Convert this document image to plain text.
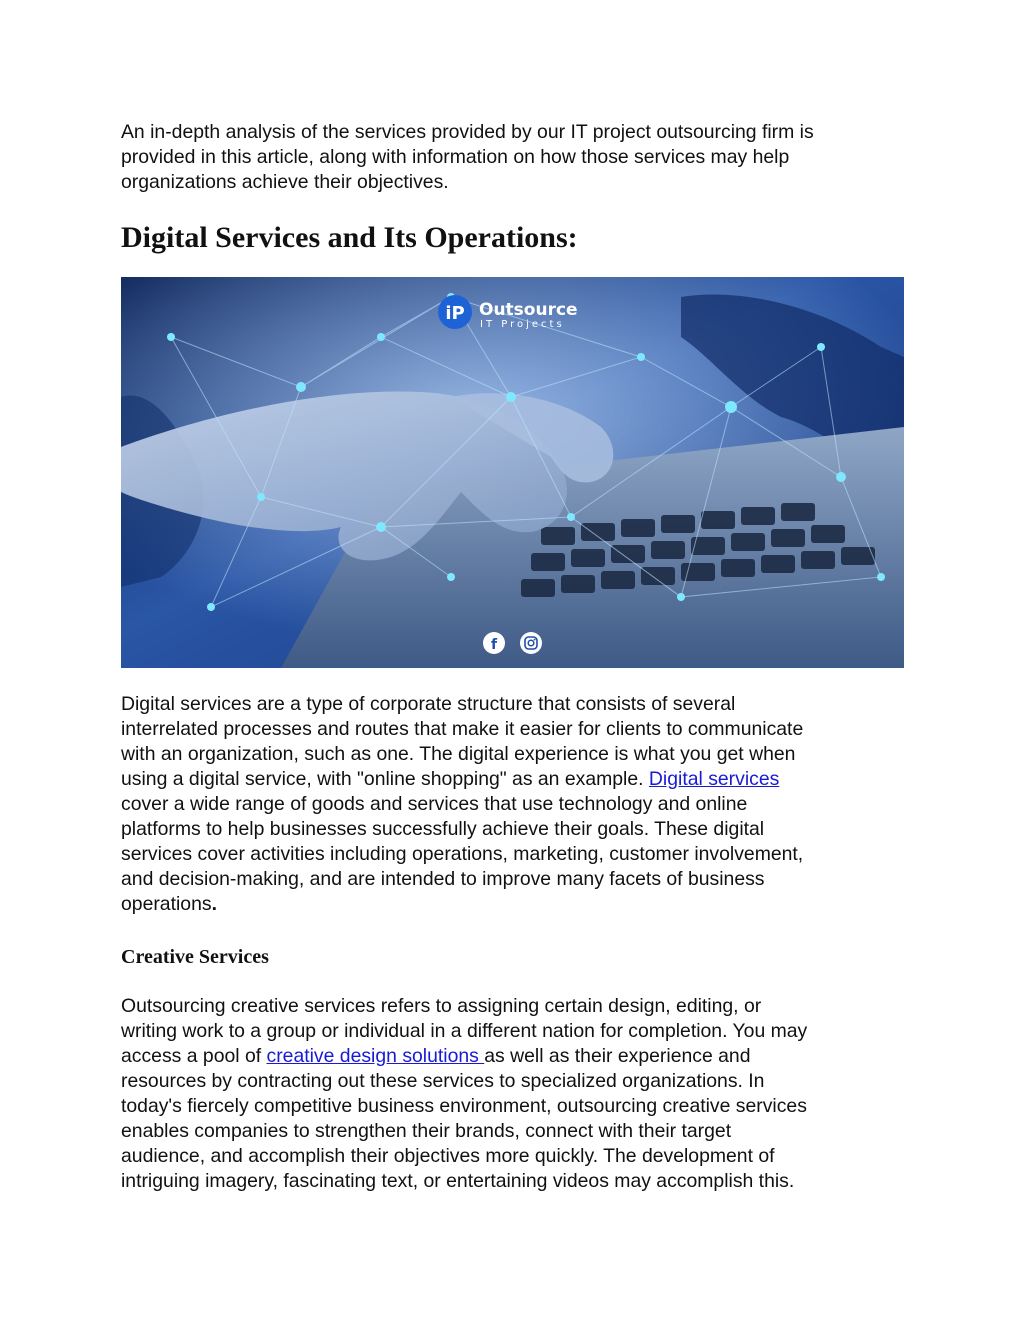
An in-depth analysis of the services provided by our IT project outsourcing firm is
provided in this article, along with information on how those services may help
organizations achieve their objectives.

Digital Services and Its Operations:
iP Outsource
IT Projects
f

Digital services are a type of corporate structure that consists of several
interrelated processes and routes that make it easier for clients to communicate
with an organization, such as one. The digital experience is what you get when
using a digital service, with "online shopping" as an example. Digital services
cover a wide range of goods and services that use technology and online
platforms to help businesses successfully achieve their goals. These digital
services cover activities including operations, marketing, customer involvement,
and decision-making, and are intended to improve many facets of business
operations.

Creative Services

Outsourcing creative services refers to assigning certain design, editing, or
writing work to a group or individual in a different nation for completion. You may
access a pool of creative design solutions as well as their experience and
resources by contracting out these services to specialized organizations. In
today's fiercely competitive business environment, outsourcing creative services
enables companies to strengthen their brands, connect with their target
audience, and accomplish their objectives more quickly. The development of
intriguing imagery, fascinating text, or entertaining videos may accomplish this.
